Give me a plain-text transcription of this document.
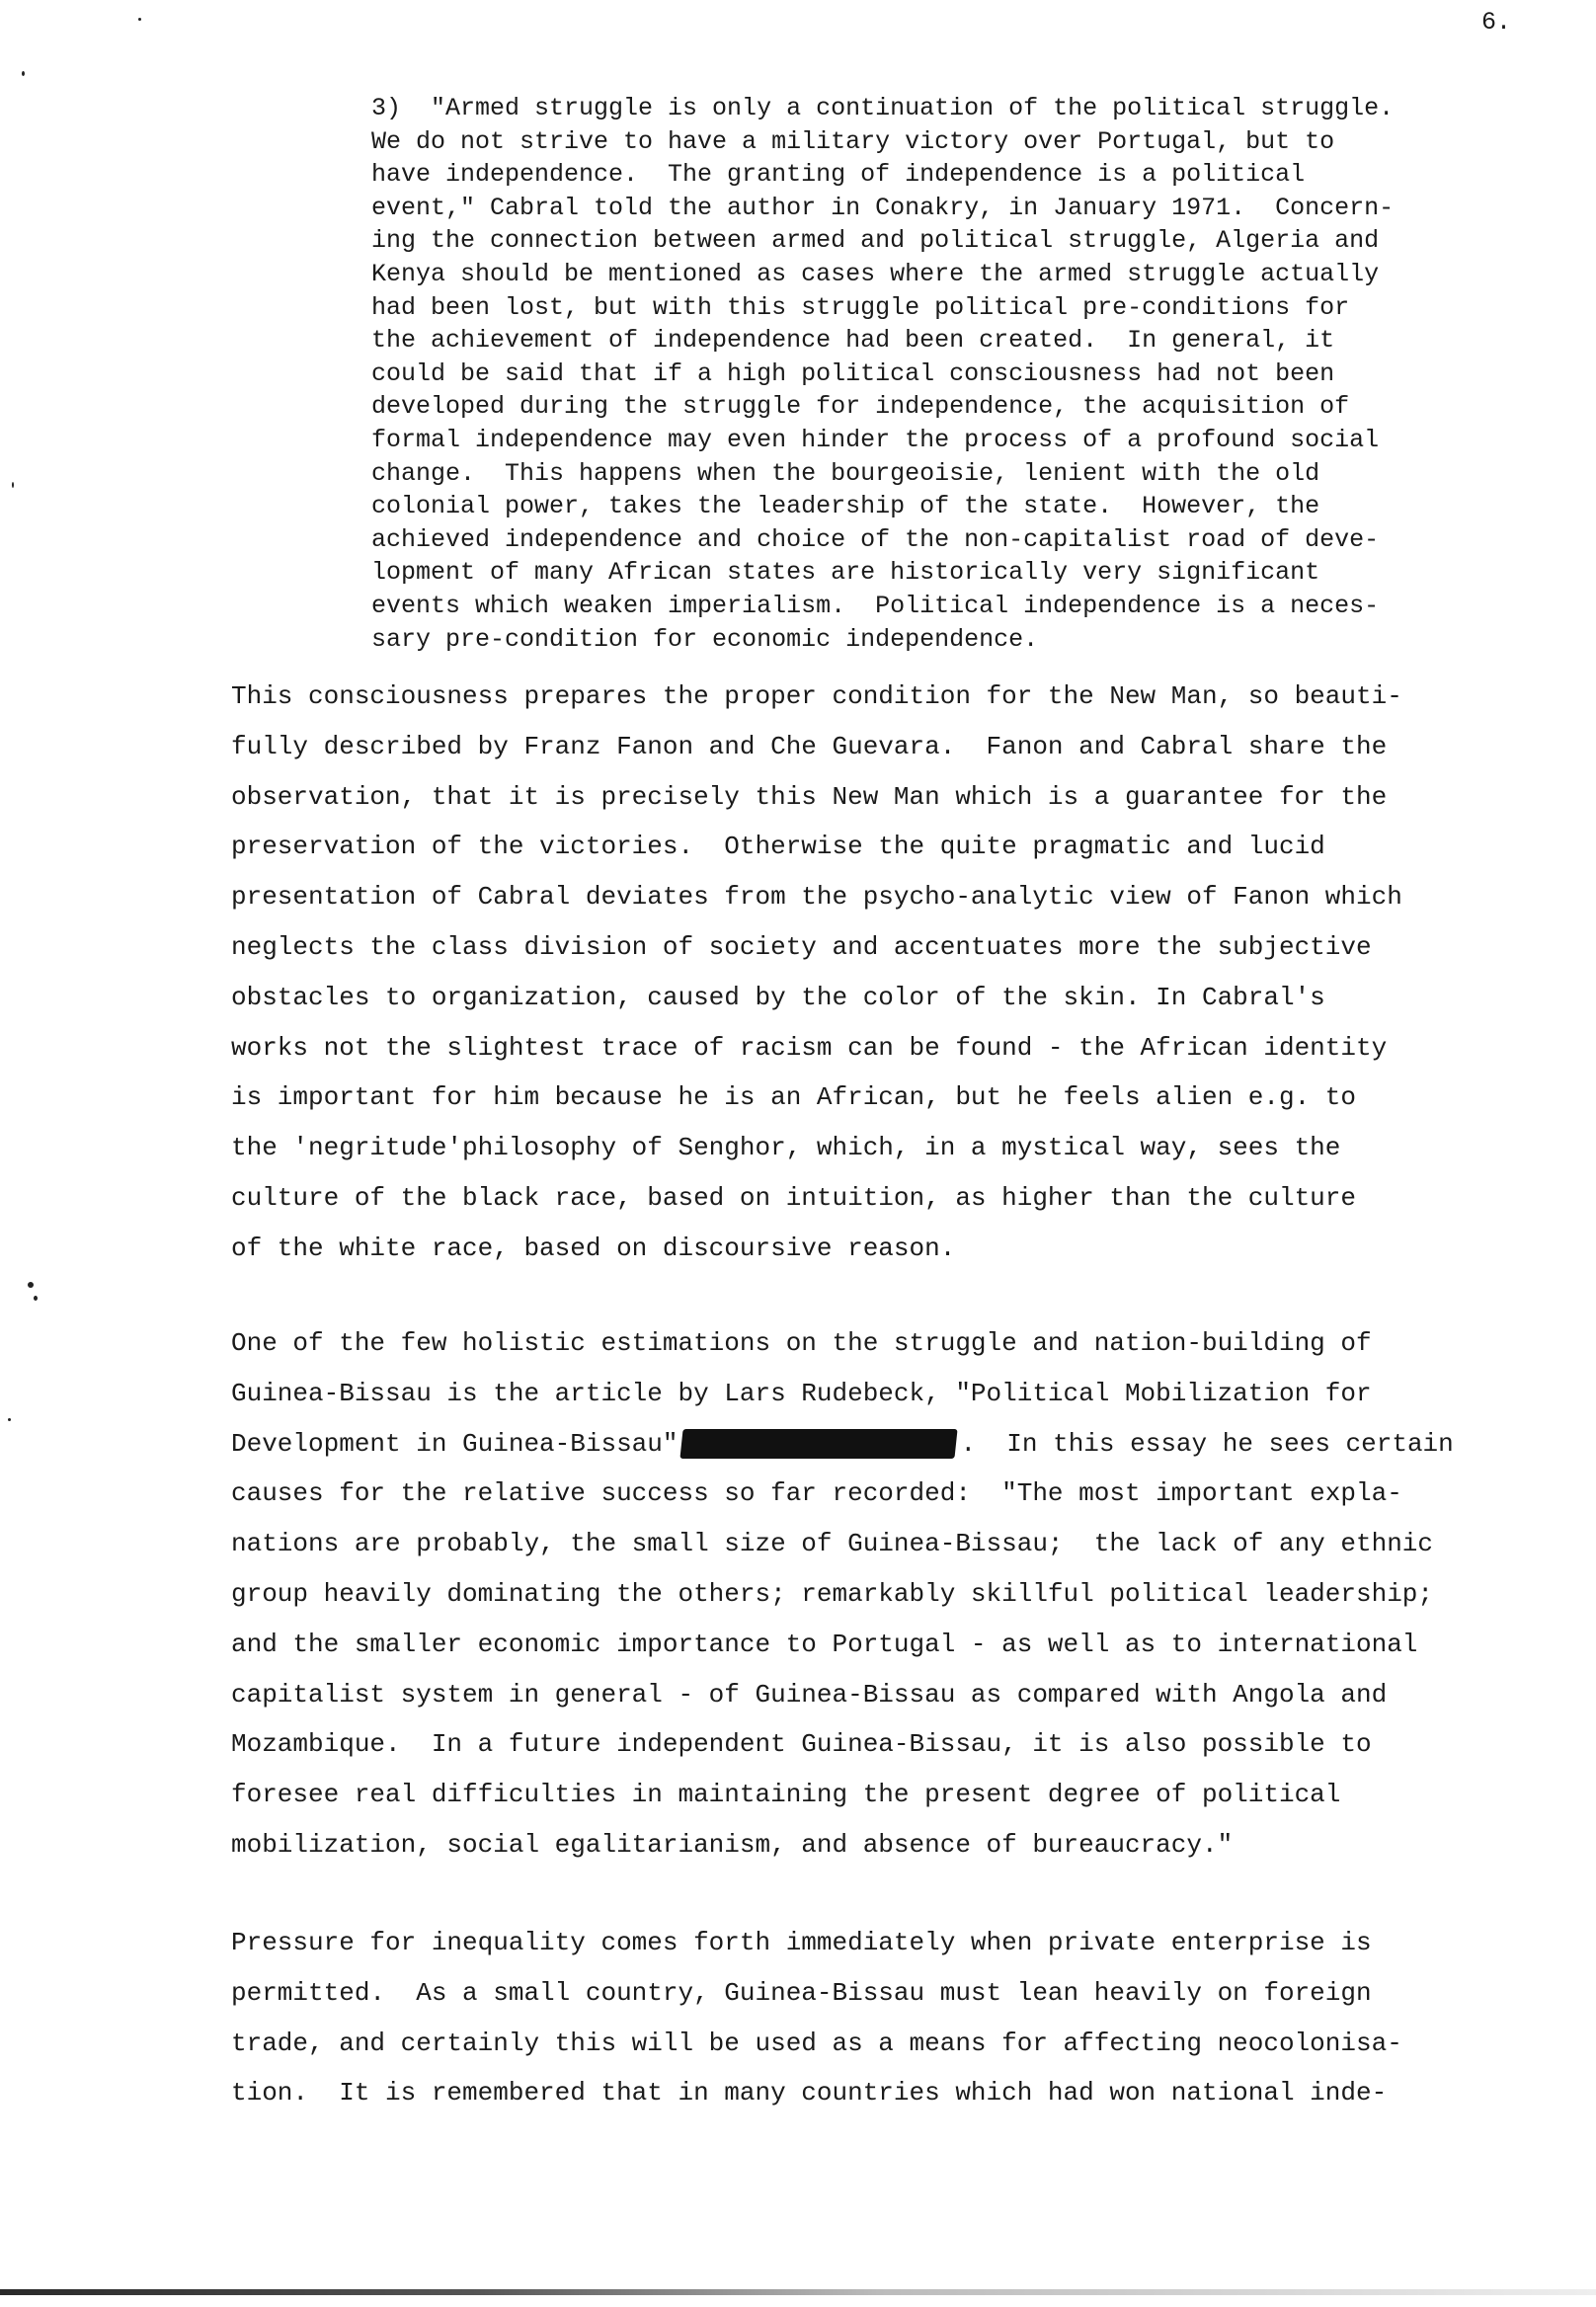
6.

3)  "Armed struggle is only a continuation of the political struggle.

We do not strive to have a military victory over Portugal, but to

have independence.  The granting of independence is a political

event," Cabral told the author in Conakry, in January 1971.  Concern-

ing the connection between armed and political struggle, Algeria and

Kenya should be mentioned as cases where the armed struggle actually

had been lost, but with this struggle political pre-conditions for

the achievement of independence had been created.  In general, it

could be said that if a high political consciousness had not been

developed during the struggle for independence, the acquisition of

formal independence may even hinder the process of a profound social

change.  This happens when the bourgeoisie, lenient with the old

colonial power, takes the leadership of the state.  However, the

achieved independence and choice of the non-capitalist road of deve-

lopment of many African states are historically very significant

events which weaken imperialism.  Political independence is a neces-

sary pre-condition for economic independence.

This consciousness prepares the proper condition for the New Man, so beauti-

fully described by Franz Fanon and Che Guevara.  Fanon and Cabral share the

observation, that it is precisely this New Man which is a guarantee for the

preservation of the victories.  Otherwise the quite pragmatic and lucid

presentation of Cabral deviates from the psycho-analytic view of Fanon which

neglects the class division of society and accentuates more the subjective

obstacles to organization, caused by the color of the skin. In Cabral's

works not the slightest trace of racism can be found - the African identity

is important for him because he is an African, but he feels alien e.g. to

the 'negritude'philosophy of Senghor, which, in a mystical way, sees the

culture of the black race, based on intuition, as higher than the culture

of the white race, based on discoursive reason.

One of the few holistic estimations on the struggle and nation-building of

Guinea-Bissau is the article by Lars Rudebeck, "Political Mobilization for

Development in Guinea-Bissau"	.  In this essay he sees certain

causes for the relative success so far recorded:  "The most important expla-

nations are probably, the small size of Guinea-Bissau;  the lack of any ethnic

group heavily dominating the others; remarkably skillful political leadership;

and the smaller economic importance to Portugal - as well as to international

capitalist system in general - of Guinea-Bissau as compared with Angola and

Mozambique.  In a future independent Guinea-Bissau, it is also possible to

foresee real difficulties in maintaining the present degree of political

mobilization, social egalitarianism, and absence of bureaucracy."

Pressure for inequality comes forth immediately when private enterprise is

permitted.  As a small country, Guinea-Bissau must lean heavily on foreign

trade, and certainly this will be used as a means for affecting neocolonisa-

tion.  It is remembered that in many countries which had won national inde-
